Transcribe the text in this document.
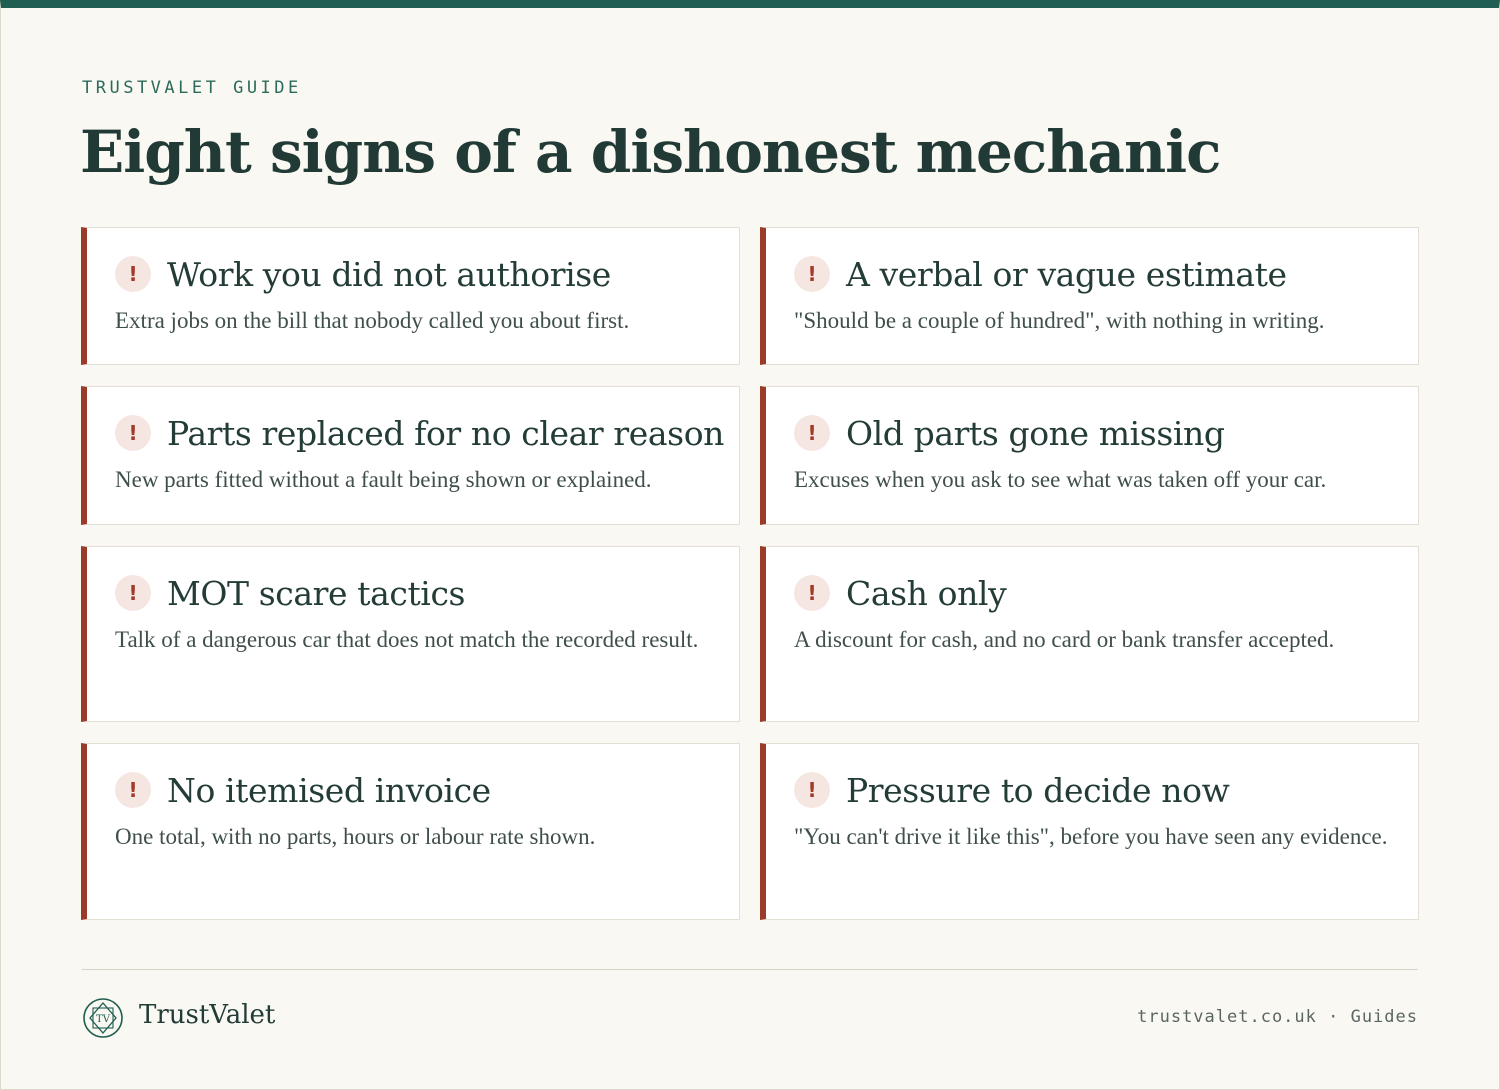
TRUSTVALET GUIDE
Eight signs of a dishonest mechanic
! Work you did not authorise
Extra jobs on the bill that nobody called you about first.
! A verbal or vague estimate
"Should be a couple of hundred", with nothing in writing.
! Parts replaced for no clear reason
New parts fitted without a fault being shown or explained.
! Old parts gone missing
Excuses when you ask to see what was taken off your car.
! MOT scare tactics
Talk of a dangerous car that does not match the recorded result.
! Cash only
A discount for cash, and no card or bank transfer accepted.
! No itemised invoice
One total, with no parts, hours or labour rate shown.
! Pressure to decide now
"You can't drive it like this", before you have seen any evidence.
TV TrustValet	trustvalet.co.uk · Guides
